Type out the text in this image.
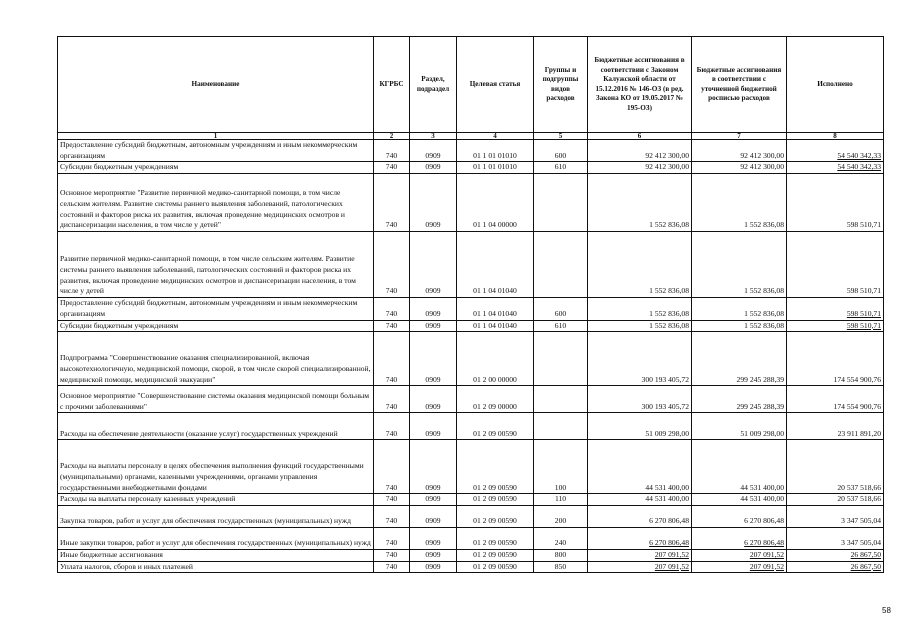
Наименование	КГРБС	Раздел, подраздел	Целевая статья	Группы и подгруппы видов расходов	Бюджетные ассигнования в соответствии с Законом Калужской области от 15.12.2016 № 146-ОЗ (в ред. Закона КО от 19.05.2017 № 195-ОЗ)	Бюджетные ассигнования в соответствии с уточненной бюджетной росписью расходов	Исполнено
1	2	3	4	5	6	7	8
Предоставление субсидий бюджетным, автономным учреждениям и иным некоммерческим организациям	740	0909	01 1 01 01010	600	92 412 300,00	92 412 300,00	54 540 342,33
Субсидии бюджетным учреждениям	740	0909	01 1 01 01010	610	92 412 300,00	92 412 300,00	54 540 342,33
Основное мероприятие "Развитие первичной медико-санитарной помощи, в том числе сельским жителям. Развитие системы раннего выявления заболеваний, патологических состояний и факторов риска их развития, включая проведение медицинских осмотров и диспансеризации населения, в том числе у детей"	740	0909	01 1 04 00000		1 552 836,08	1 552 836,08	598 510,71
Развитие первичной медико-санитарной помощи, в том числе сельским жителям. Развитие системы раннего выявления заболеваний, патологических состояний и факторов риска их развития, включая проведение медицинских осмотров и диспансеризации населения, в том числе у детей	740	0909	01 1 04 01040		1 552 836,08	1 552 836,08	598 510,71
Предоставление субсидий бюджетным, автономным учреждениям и иным некоммерческим организациям	740	0909	01 1 04 01040	600	1 552 836,08	1 552 836,08	598 510,71
Субсидии бюджетным учреждениям	740	0909	01 1 04 01040	610	1 552 836,08	1 552 836,08	598 510,71
Подпрограмма "Совершенствование оказания специализированной, включая высокотехнологичную, медицинской помощи, скорой, в том числе скорой специализированной, медицинской помощи, медицинской эвакуации"	740	0909	01 2 00 00000		300 193 405,72	299 245 288,39	174 554 900,76
Основное мероприятие "Совершенствование системы оказания медицинской помощи больным с прочими заболеваниями"	740	0909	01 2 09 00000		300 193 405,72	299 245 288,39	174 554 900,76
Расходы на обеспечение деятельности (оказание услуг) государственных учреждений	740	0909	01 2 09 00590		51 009 298,00	51 009 298,00	23 911 891,20
Расходы на выплаты персоналу в целях обеспечения выполнения функций государственными (муниципальными) органами, казенными учреждениями, органами управления государственными внебюджетными фондами	740	0909	01 2 09 00590	100	44 531 400,00	44 531 400,00	20 537 518,66
Расходы на выплаты персоналу казенных учреждений	740	0909	01 2 09 00590	110	44 531 400,00	44 531 400,00	20 537 518,66
Закупка товаров, работ и услуг для обеспечения государственных (муниципальных) нужд	740	0909	01 2 09 00590	200	6 270 806,48	6 270 806,48	3 347 505,04
Иные закупки товаров, работ и услуг для обеспечения государственных (муниципальных) нужд	740	0909	01 2 09 00590	240	6 270 806,48	6 270 806,48	3 347 505,04
Иные бюджетные ассигнования	740	0909	01 2 09 00590	800	207 091,52	207 091,52	26 867,50
Уплата налогов, сборов и иных платежей	740	0909	01 2 09 00590	850	207 091,52	207 091,52	26 867,50
58
